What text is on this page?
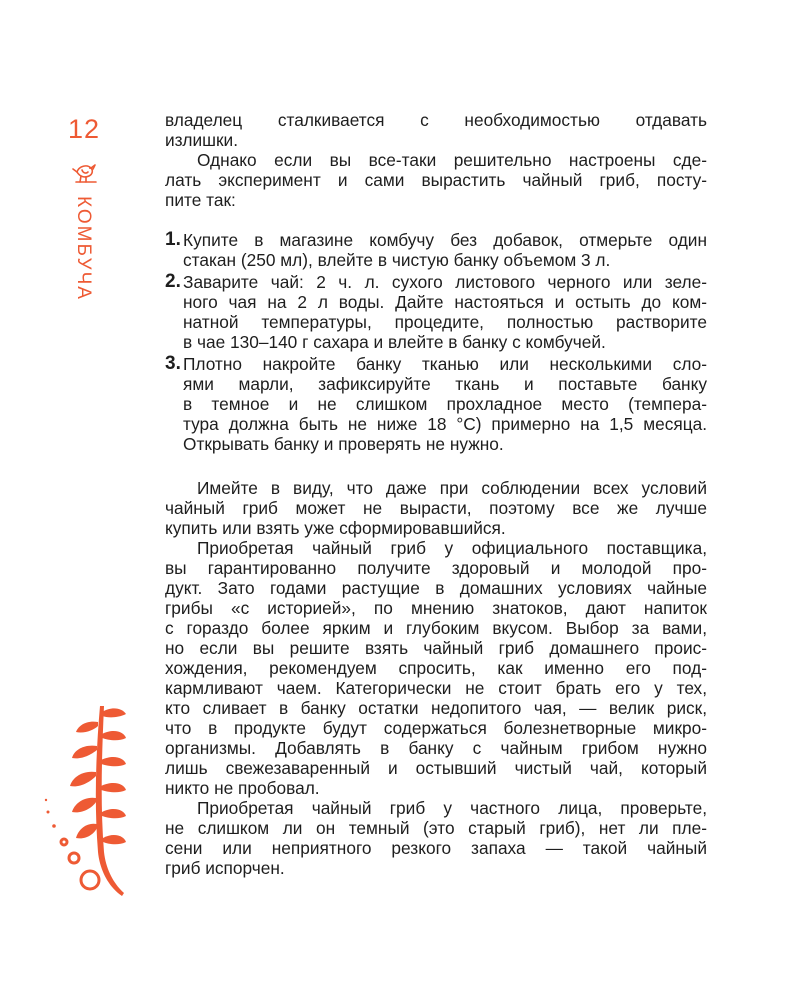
12
КОМБУЧА

владелец сталкивается с необходимостью отдавать
излишки.

Однако если вы все-таки решительно настроены сде-
лать эксперимент и сами вырастить чайный гриб, посту-
пите так:

1. Купите в магазине комбучу без добавок, отмерьте один
стакан (250 мл), влейте в чистую банку объемом 3 л.
2. Заварите чай: 2 ч. л. сухого листового черного или зеле-
ного чая на 2 л воды. Дайте настояться и остыть до ком-
натной температуры, процедите, полностью растворите
в чае 130–140 г сахара и влейте в банку с комбучей.
3. Плотно накройте банку тканью или несколькими сло-
ями марли, зафиксируйте ткань и поставьте банку
в темное и не слишком прохладное место (темпера-
тура должна быть не ниже 18 °C) примерно на 1,5 месяца.
Открывать банку и проверять не нужно.

Имейте в виду, что даже при соблюдении всех условий
чайный гриб может не вырасти, поэтому все же лучше
купить или взять уже сформировавшийся.

Приобретая чайный гриб у официального поставщика,
вы гарантированно получите здоровый и молодой про-
дукт. Зато годами растущие в домашних условиях чайные
грибы «с историей», по мнению знатоков, дают напиток
с гораздо более ярким и глубоким вкусом. Выбор за вами,
но если вы решите взять чайный гриб домашнего проис-
хождения, рекомендуем спросить, как именно его под-
кармливают чаем. Категорически не стоит брать его у тех,
кто сливает в банку остатки недопитого чая, — велик риск,
что в продукте будут содержаться болезнетворные микро-
организмы. Добавлять в банку с чайным грибом нужно
лишь свежезаваренный и остывший чистый чай, который
никто не пробовал.

Приобретая чайный гриб у частного лица, проверьте,
не слишком ли он темный (это старый гриб), нет ли пле-
сени или неприятного резкого запаха — такой чайный
гриб испорчен.
